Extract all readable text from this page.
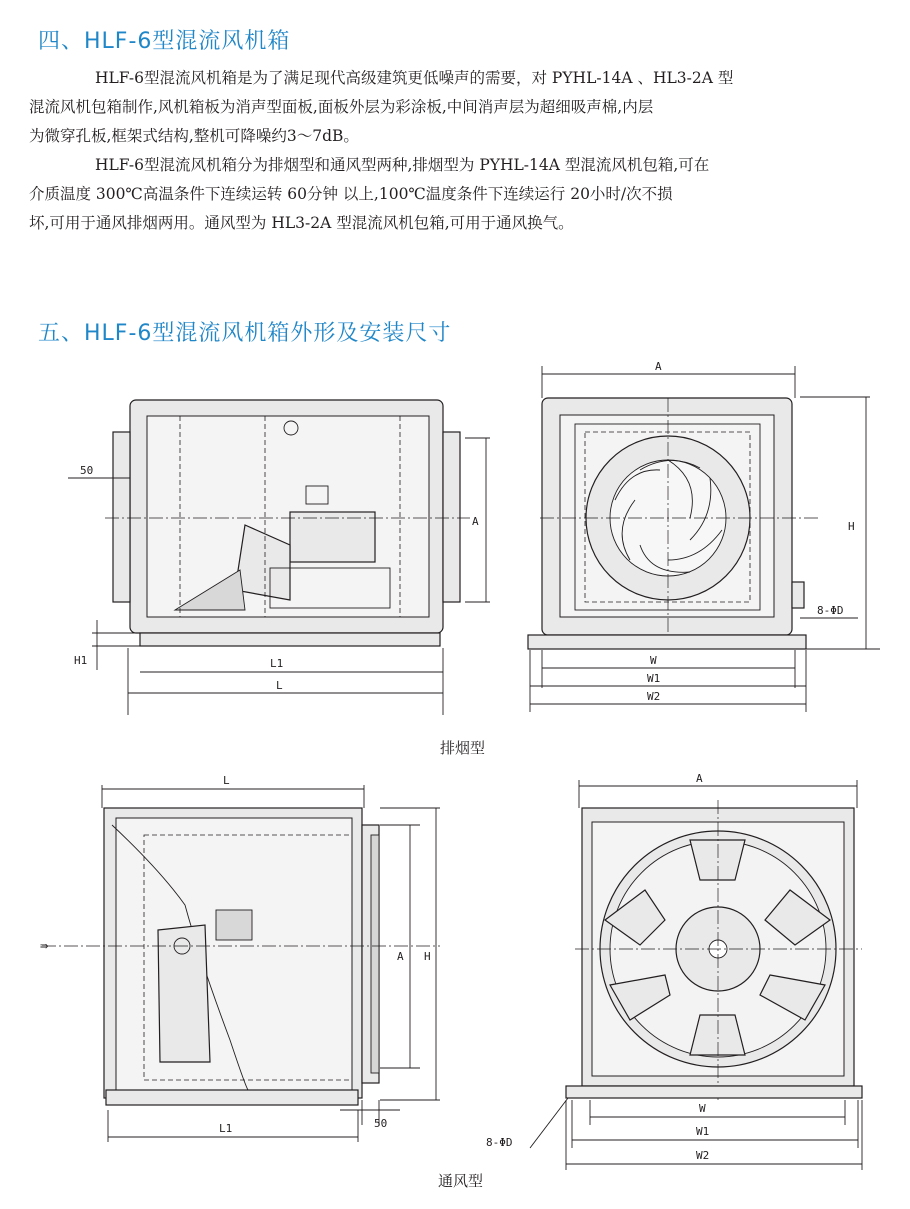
四、HLF-6型混流风机箱
HLF-6型混流风机箱是为了满足现代高级建筑更低噪声的需要，对 PYHL-14A 、HL3-2A 型
混流风机包箱制作,风机箱板为消声型面板,面板外层为彩涂板,中间消声层为超细吸声棉,内层
为微穿孔板,框架式结构,整机可降噪约3～7dB。
HLF-6型混流风机箱分为排烟型和通风型两种,排烟型为 PYHL-14A 型混流风机包箱,可在
介质温度 300℃高温条件下连续运转 60分钟 以上,100℃温度条件下连续运行 20小时/次不损
坏,可用于通风排烟两用。通风型为 HL3-2A 型混流风机包箱,可用于通风换气。
五、HLF-6型混流风机箱外形及安装尺寸
50
A
H1	L1
L
A
H
8-ΦD
W
W1
W2
L
A H
L1	50
⇛
A
W
W1
W2
8-ΦD
排烟型
通风型
